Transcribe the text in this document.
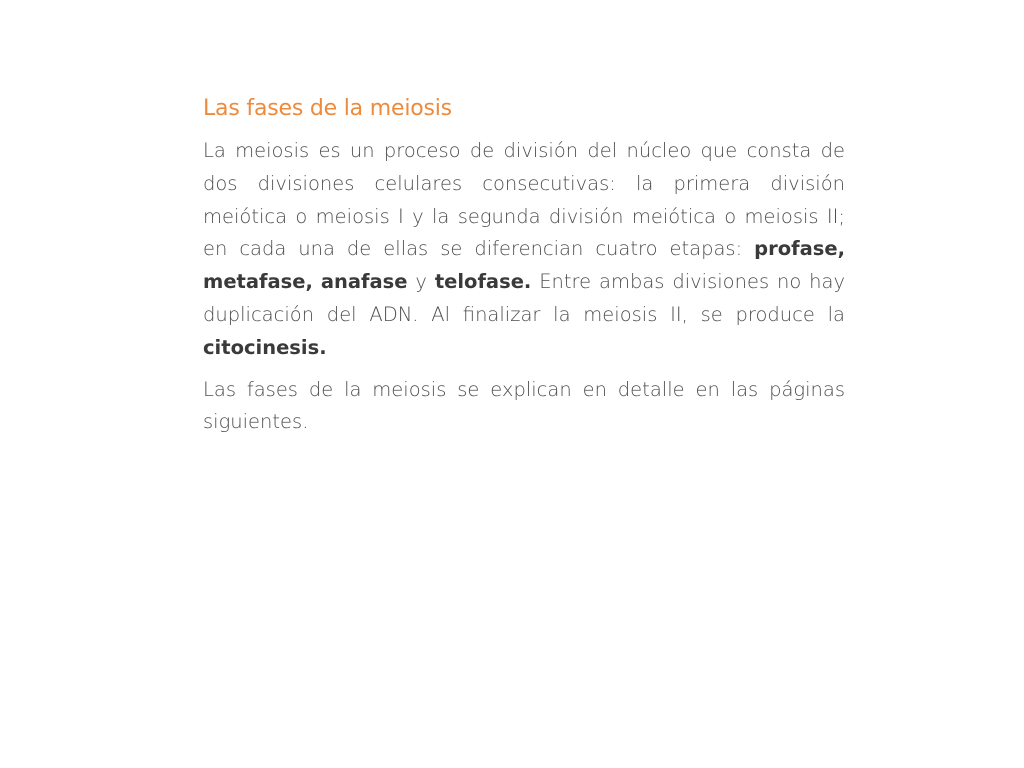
Las fases de la meiosis

La meiosis es un proceso de división del núcleo que consta de dos divisiones celulares consecutivas: la primera división meiótica o meiosis I y la segunda división meiótica o meiosis II; en cada una de ellas se diferencian cuatro etapas: profase, metafase, anafase y telofase. Entre ambas divisiones no hay duplicación del ADN. Al finalizar la meiosis II, se produce la citocinesis.

Las fases de la meiosis se explican en detalle en las páginas siguientes.
